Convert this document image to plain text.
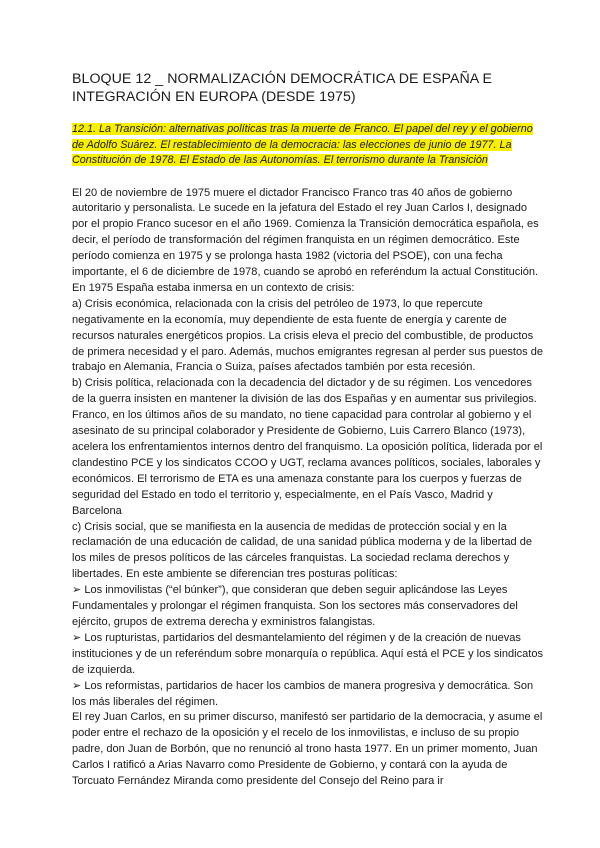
BLOQUE 12 _ NORMALIZACIÓN DEMOCRÁTICA DE ESPAÑA E INTEGRACIÓN EN EUROPA (DESDE 1975)
12.1. La Transición: alternativas políticas tras la muerte de Franco. El papel del rey y el gobierno de Adolfo Suárez. El restablecimiento de la democracia: las elecciones de junio de 1977. La Constitución de 1978. El Estado de las Autonomías. El terrorismo durante la Transición

El 20 de noviembre de 1975 muere el dictador Francisco Franco tras 40 años de gobierno autoritario y personalista. Le sucede en la jefatura del Estado el rey Juan Carlos I, designado por el propio Franco sucesor en el año 1969. Comienza la Transición democrática española, es decir, el período de transformación del régimen franquista en un régimen democrático. Este período comienza en 1975 y se prolonga hasta 1982 (victoria del PSOE), con una fecha importante, el 6 de diciembre de 1978, cuando se aprobó en referéndum la actual Constitución. En 1975 España estaba inmersa en un contexto de crisis:

a) Crisis económica, relacionada con la crisis del petróleo de 1973, lo que repercute negativamente en la economía, muy dependiente de esta fuente de energía y carente de recursos naturales energéticos propios. La crisis eleva el precio del combustible, de productos de primera necesidad y el paro. Además, muchos emigrantes regresan al perder sus puestos de trabajo en Alemania, Francia o Suiza, países afectados también por esta recesión.

b) Crisis política, relacionada con la decadencia del dictador y de su régimen. Los vencedores de la guerra insisten en mantener la división de las dos Españas y en aumentar sus privilegios. Franco, en los últimos años de su mandato, no tiene capacidad para controlar al gobierno y el asesinato de su principal colaborador y Presidente de Gobierno, Luis Carrero Blanco (1973), acelera los enfrentamientos internos dentro del franquismo. La oposición política, liderada por el clandestino PCE y los sindicatos CCOO y UGT, reclama avances políticos, sociales, laborales y económicos. El terrorismo de ETA es una amenaza constante para los cuerpos y fuerzas de seguridad del Estado en todo el territorio y, especialmente, en el País Vasco, Madrid y Barcelona

c) Crisis social, que se manifiesta en la ausencia de medidas de protección social y en la reclamación de una educación de calidad, de una sanidad pública moderna y de la libertad de los miles de presos políticos de las cárceles franquistas. La sociedad reclama derechos y libertades. En este ambiente se diferencian tres posturas políticas:

➢ Los inmovilistas (“el búnker”), que consideran que deben seguir aplicándose las Leyes Fundamentales y prolongar el régimen franquista. Son los sectores más conservadores del ejército, grupos de extrema derecha y exministros falangistas.

➢ Los rupturistas, partidarios del desmantelamiento del régimen y de la creación de nuevas instituciones y de un referéndum sobre monarquía o república. Aquí está el PCE y los sindicatos de izquierda.

➢ Los reformistas, partidarios de hacer los cambios de manera progresiva y democrática. Son los más liberales del régimen.

El rey Juan Carlos, en su primer discurso, manifestó ser partidario de la democracia, y asume el poder entre el rechazo de la oposición y el recelo de los inmovilistas, e incluso de su propio padre, don Juan de Borbón, que no renunció al trono hasta 1977. En un primer momento, Juan Carlos I ratificó a Arias Navarro como Presidente de Gobierno, y contará con la ayuda de Torcuato Fernández Miranda como presidente del Consejo del Reino para ir
